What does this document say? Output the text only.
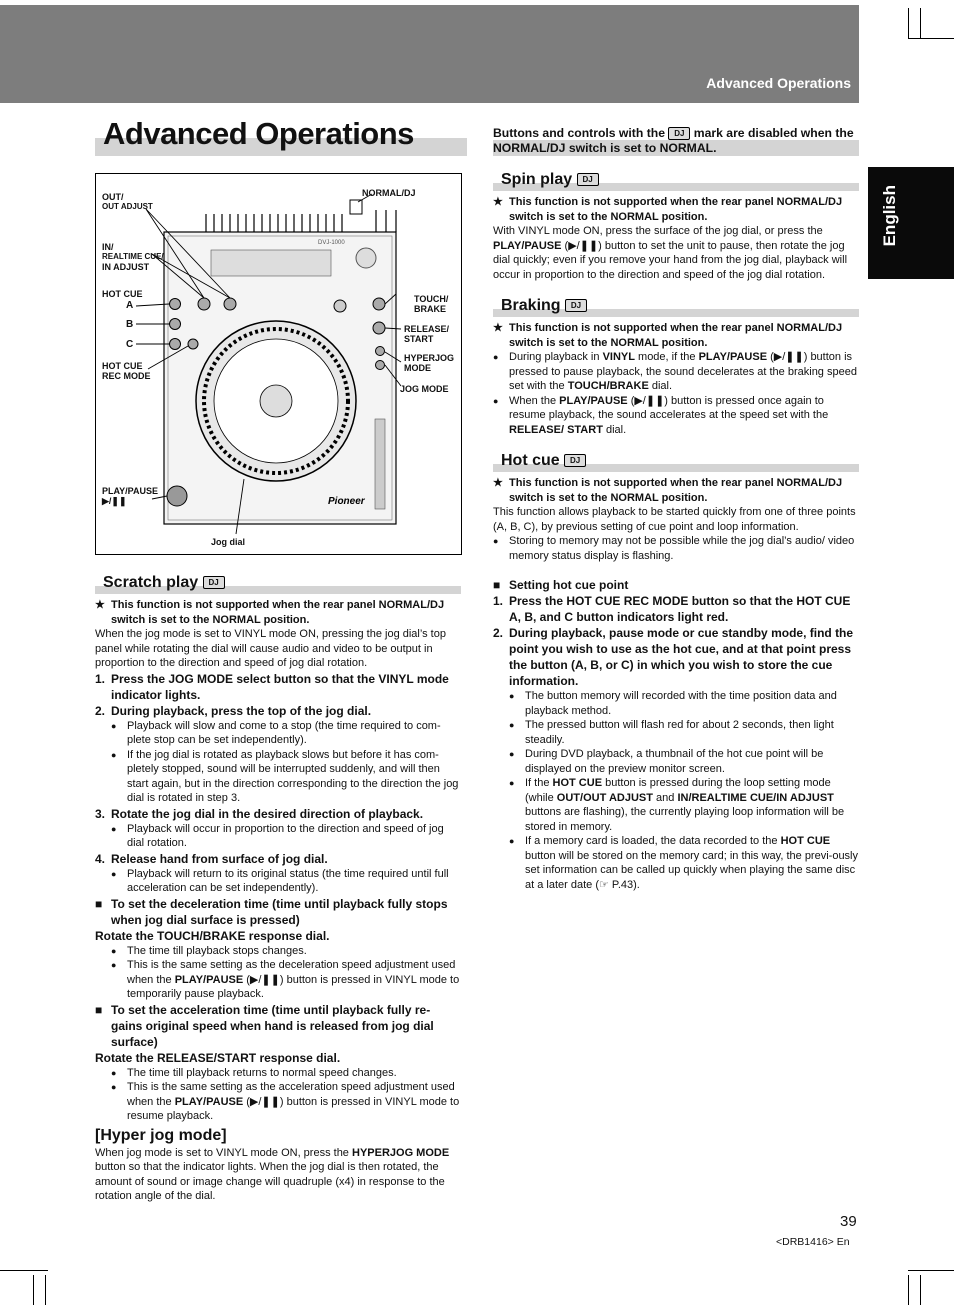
Advanced Operations
English
Advanced Operations	Buttons and controls with the DJ mark are disabled when the NORMAL/DJ switch is set to NORMAL.
DVJ-1000
Pioneer
OUT/
OUT ADJUST
IN/
REALTIME CUE/
IN ADJUST
HOT CUE
A
B
C
HOT CUE
REC MODE
PLAY/PAUSE
▶/❚❚
NORMAL/DJ
TOUCH/
BRAKE
RELEASE/
START
HYPERJOG
MODE
JOG MODE
Jog dial
Scratch play DJ
★ This function is not supported when the rear panel NORMAL/DJ switch is set to the NORMAL position.

When the jog mode is set to VINYL mode ON, pressing the jog dial’s top panel while rotating the dial will cause audio and video to be output in proportion to the direction and speed of jog dial rotation.

1. Press the JOG MODE select button so that the VINYL mode indicator lights.
2. During playback, press the top of the jog dial.
● Playback will slow and come to a stop (the time required to com-plete stop can be set independently).
● If the jog dial is rotated as playback slows but before it has com-pletely stopped, sound will be interrupted suddenly, and will then start again, but in the direction corresponding to the direction the jog dial is rotated in step 3.
3. Rotate the jog dial in the desired direction of playback.
● Playback will occur in proportion to the direction and speed of jog dial rotation.
4. Release hand from surface of jog dial.
● Playback will return to its original status (the time required until full acceleration can be set independently).
■ To set the deceleration time (time until playback fully stops when jog dial surface is pressed)
Rotate the TOUCH/BRAKE response dial.
● The time till playback stops changes.
● This is the same setting as the deceleration speed adjustment used when the PLAY/PAUSE (▶/❚❚) button is pressed in VINYL mode to temporarily pause playback.
■ To set the acceleration time (time until playback fully re-gains original speed when hand is released from jog dial surface)
Rotate the RELEASE/START response dial.
● The time till playback returns to normal speed changes.
● This is the same setting as the acceleration speed adjustment used when the PLAY/PAUSE (▶/❚❚) button is pressed in VINYL mode to resume playback.
[Hyper jog mode]

When jog mode is set to VINYL mode ON, press the HYPERJOG MODE button so that the indicator lights. When the jog dial is then rotated, the amount of sound or image change will quadruple (x4) in response to the rotation angle of the dial.

Spin play DJ
★ This function is not supported when the rear panel NORMAL/DJ switch is set to the NORMAL position.

With VINYL mode ON, press the surface of the jog dial, or press the PLAY/PAUSE (▶/❚❚) button to set the unit to pause, then rotate the jog dial quickly; even if you remove your hand from the jog dial, playback will occur in proportion to the direction and speed of the jog dial rotation.

Braking DJ
★ This function is not supported when the rear panel NORMAL/DJ switch is set to the NORMAL position.
● During playback in VINYL mode, if the PLAY/PAUSE (▶/❚❚) button is pressed to pause playback, the sound decelerates at the braking speed set with the TOUCH/BRAKE dial.
● When the PLAY/PAUSE (▶/❚❚) button is pressed once again to resume playback, the sound accelerates at the speed set with the RELEASE/ START dial.
Hot cue DJ
★ This function is not supported when the rear panel NORMAL/DJ switch is set to the NORMAL position.

This function allows playback to be started quickly from one of three points (A, B, C), by previous setting of cue point and loop information.

● Storing to memory may not be possible while the jog dial’s audio/ video memory status display is flashing.
■ Setting hot cue point
1. Press the HOT CUE REC MODE button so that the HOT CUE A, B, and C button indicators light red.
2. During playback, pause mode or cue standby mode, find the point you wish to use as the hot cue, and at that point press the button (A, B, or C) in which you wish to store the cue information.
● The button memory will recorded with the time position data and playback method.
● The pressed button will flash red for about 2 seconds, then light steadily.
● During DVD playback, a thumbnail of the hot cue point will be displayed on the preview monitor screen.
● If the HOT CUE button is pressed during the loop setting mode (while OUT/OUT ADJUST and IN/REALTIME CUE/IN ADJUST buttons are flashing), the currently playing loop information will be stored in memory.
● If a memory card is loaded, the data recorded to the HOT CUE button will be stored on the memory card; in this way, the previ-ously set information can be called up quickly when playing the same disc at a later date (☞ P.43).
39
<DRB1416> En
